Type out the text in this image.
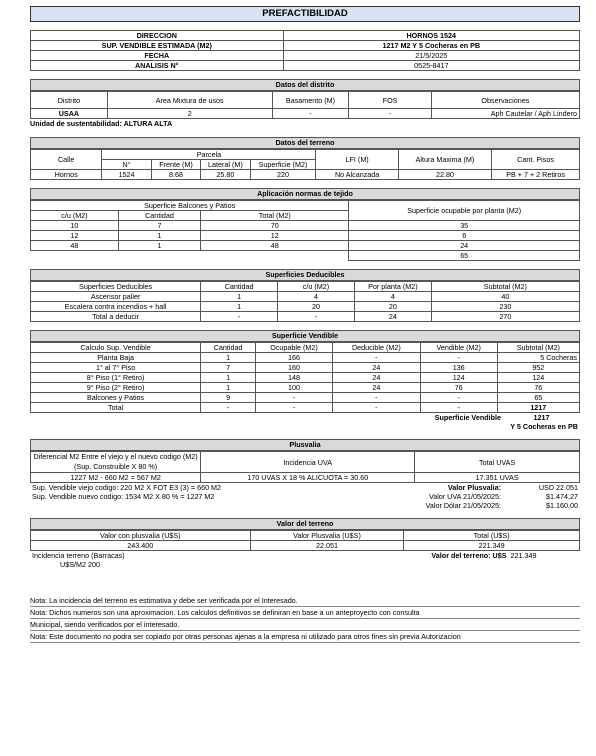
PREFACTIBILIDAD
DIRECCION	HORNOS 1524
SUP. VENDIBLE ESTIMADA (M2)	1217 M2 Y 5 Cocheras en PB
FECHA	21/5/2025
ANALISIS N°	0525-8417
Datos del distrito
Distrito	Area Mixtura de usos	Basamento (M)	FOS	Observaciones
USAA	2	-	-	Aph Cautelar / Aph Lindero
Unidad de sustentabilidad: ALTURA ALTA
Datos del terreno
Calle	Parcela				LFI (M)	Altura Maxima (M)	Cant. Pisos
	N°	Frente (M)	Lateral (M)	Superficie (M2)			
Hornos	1524	8.68	25.80	220	No Alcanzada	22.80	PB + 7 + 2 Retiros
Aplicación normas de tejido
Superficie Balcones y Patios			Superficie ocupable por planta (M2)
c/u (M2)	Cantidad	Total (M2)	
10	7	70	35
12	1	12	6
48	1	48	24
			65
Superficies Deducibles
Superficies Deducibles	Cantidad	c/u (M2)	Por planta (M2)	Subtotal (M2)
Ascensor palier	1	4	4	40
Escalera contra incendios + hall	1	20	20	230
Total a deducir	-	-	24	270
Superficie Vendible
Calculo Sup. Vendible	Cantidad	Ocupable (M2)	Deducible (M2)	Vendible (M2)	Subtotal (M2)
Planta Baja	1	166	-	-	5 Cocheras
1° al 7° Piso	7	160	24	136	952
8° Piso (1° Retiro)	1	148	24	124	124
9° Piso (2° Retiro)	1	100	24	76	76
Balcones y Patios	9	-	-	-	65
Total	-	-	-	-	1217
	Superficie Vendible	1217
	Y 5 Cocheras en PB	
Plusvalia
Diferencial M2 Entre el viejo y el nuevo codigo (M2)
(Sup. Construible X 80 %)	Incidencia UVA	Total UVAS
1227 M2 - 660 M2 = 567 M2	170 UVAS X 18 % ALICUOTA = 30.60	17.351 UVAS
Sup. Vendible viejo codigo: 220 M2 X FOT E3 (3) = 660 M2	Valor Plusvalia:	USD 22.051
Sup. Vendible nuevo codigo: 1534 M2 X 80 % = 1227 M2	Valor UVA 21/05/2025:	$1.474,27
	Valor Dólar 21/05/2025:	$1.160,00
Valor del terreno
Valor con plusvalia (U$S)	Valor Plusvalia (U$S)	Total (U$S)
243.400	22.051	221.349
Incidencia terreno (Barracas)	Valor del terreno: U$S	221.349
U$S/M2 200		
Nota: La incidencia del terreno es estimativa y debe ser verificada por el Interesado.
Nota: Dichos numeros son una aproximacion. Los calculos definitivos se definiran en base a un anteproyecto con consulta
Municipal, siendo verificados por el interesado.
Nota: Este documento no podra ser copiado por otras personas ajenas a la empresa ni utilizado para otros fines sin previa Autorizacion
